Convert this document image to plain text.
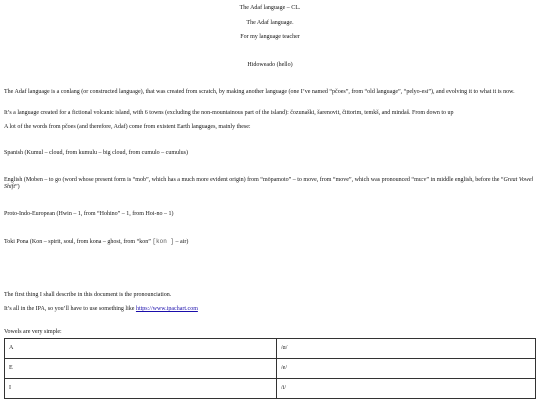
The Adaf language – CL.
The Adaf language.
For my language teacher
Hidoweado (hello)
The Adaf language is a conlang (or constructed language), that was created from scratch, by making another language (one I’ve named “pčoes”, from “old language”, “pelyo-esi”), and evolving it to what it is now.
It’s a language created for a fictional volcanic island, with 6 towns (excluding the non-mountainous part of the island): čozunaški, šarenovit, čittorim, temkš, and mindaš. From down to up
A lot of the words from pčoes (and therefore, Adaf) come from existent Earth languages, mainly these:
Spanish (Kumul – cloud, from kumulu – big cloud, from cumulo – cumulus)
English (Moben – to go (word whose present form is “mob”, which has a much more evident origin) from “mōpamoto” – to move, from “move”, which was pronounced “mu:v” in middle english, before the “Great Vowel Shift”)
Proto-Indo-European (Hwin – 1, from “Hohino” – 1, from Hoi-no – 1)
Toki Pona (Kon – spirit, soul, from kona – ghost, from “kon” [kon ] – air)
The first thing I shall describe in this document is the pronounciation.
It’s all in the IPA, so you’ll have to use something like https://www.ipachart.com
Vowels are very simple:
A	/ɑ/
E	/e/
I	/i/
